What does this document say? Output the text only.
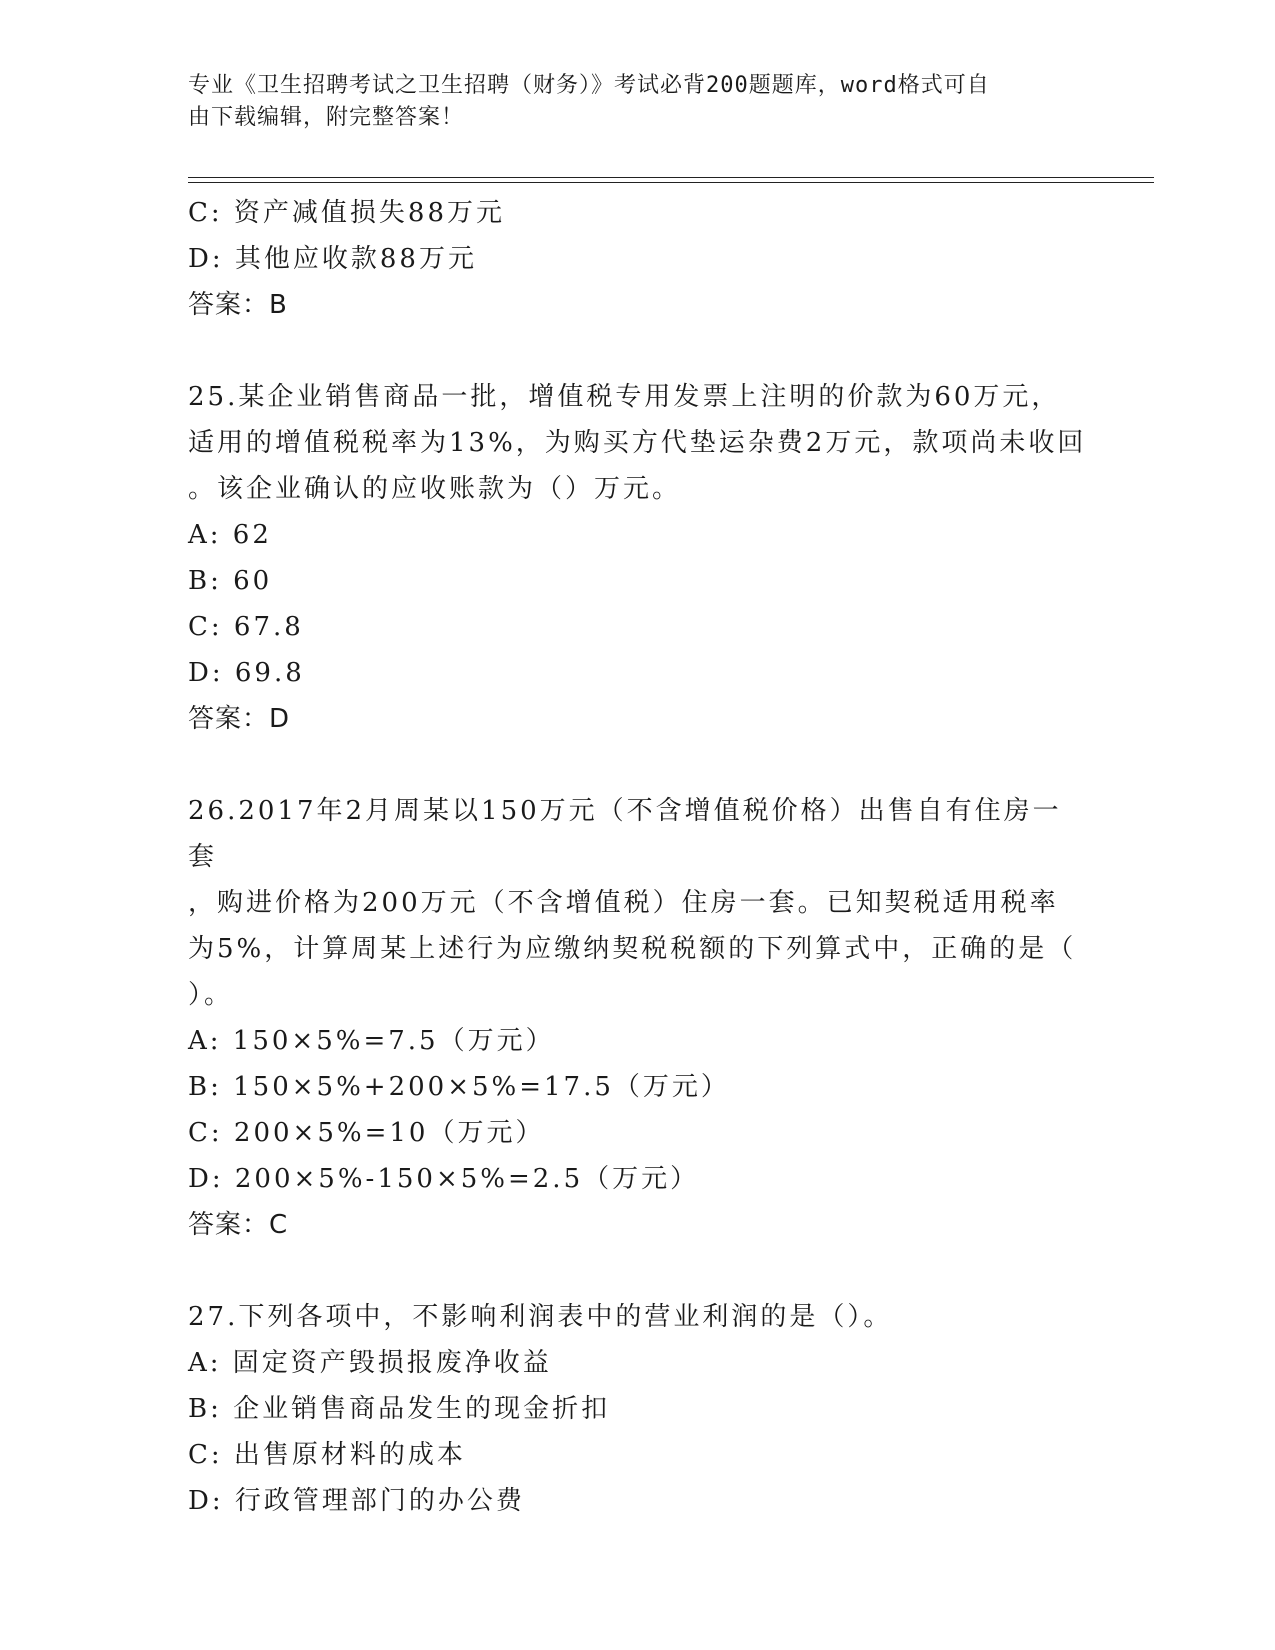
专业《卫生招聘考试之卫生招聘（财务）》考试必背200题题库，word格式可自
由下载编辑，附完整答案！
C: 资产减值损失88万元
D: 其他应收款88万元
答案：B
25.某企业销售商品一批，增值税专用发票上注明的价款为60万元，
适用的增值税税率为13%，为购买方代垫运杂费2万元，款项尚未收回
。该企业确认的应收账款为（）万元。
A: 62
B: 60
C: 67.8
D: 69.8
答案：D
26.2017年2月周某以150万元（不含增值税价格）出售自有住房一套
，购进价格为200万元（不含增值税）住房一套。已知契税适用税率
为5%，计算周某上述行为应缴纳契税税额的下列算式中，正确的是（
）。
A: 150×5%=7.5（万元）
B: 150×5%+200×5%=17.5（万元）
C: 200×5%=10（万元）
D: 200×5%-150×5%=2.5（万元）
答案：C
27.下列各项中，不影响利润表中的营业利润的是（）。
A: 固定资产毁损报废净收益
B: 企业销售商品发生的现金折扣
C: 出售原材料的成本
D: 行政管理部门的办公费
